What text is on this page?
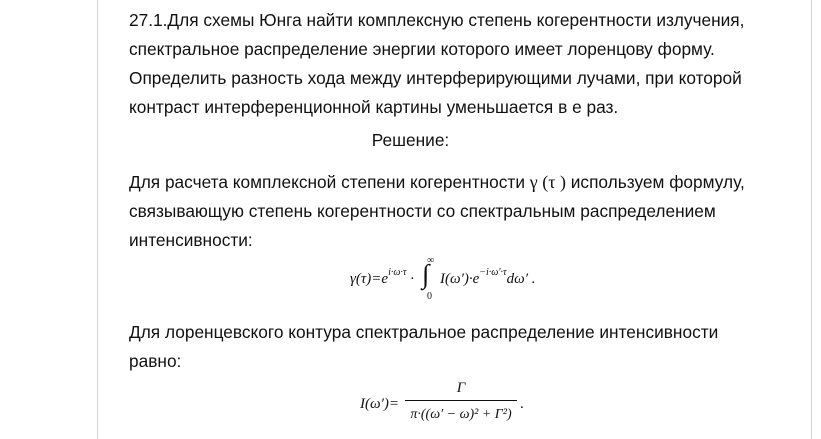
27.1.Для схемы Юнга найти комплексную степень когерентности излучения,
спектральное распределение энергии которого имеет лоренцову форму.
Определить разность хода между интерферирующими лучами, при которой
контраст интерференционной картины уменьшается в е раз.

Решение:

Для расчета комплексной степени когерентности γ (τ ) используем формулу,
связывающую степень когерентности со спектральным распределением
интенсивности:

$\gamma(\tau)=e^{i\cdot\omega\cdot\tau}$ ·
∞
∫
0
$I(\omega')\cdot e^{-i\cdot\omega'\cdot\tau}d\omega'$ .

Для лоренцевского контура спектральное распределение интенсивности
равно:

I(ω′)=
Г
π·((ω′ − ω)² + Г²)
.
